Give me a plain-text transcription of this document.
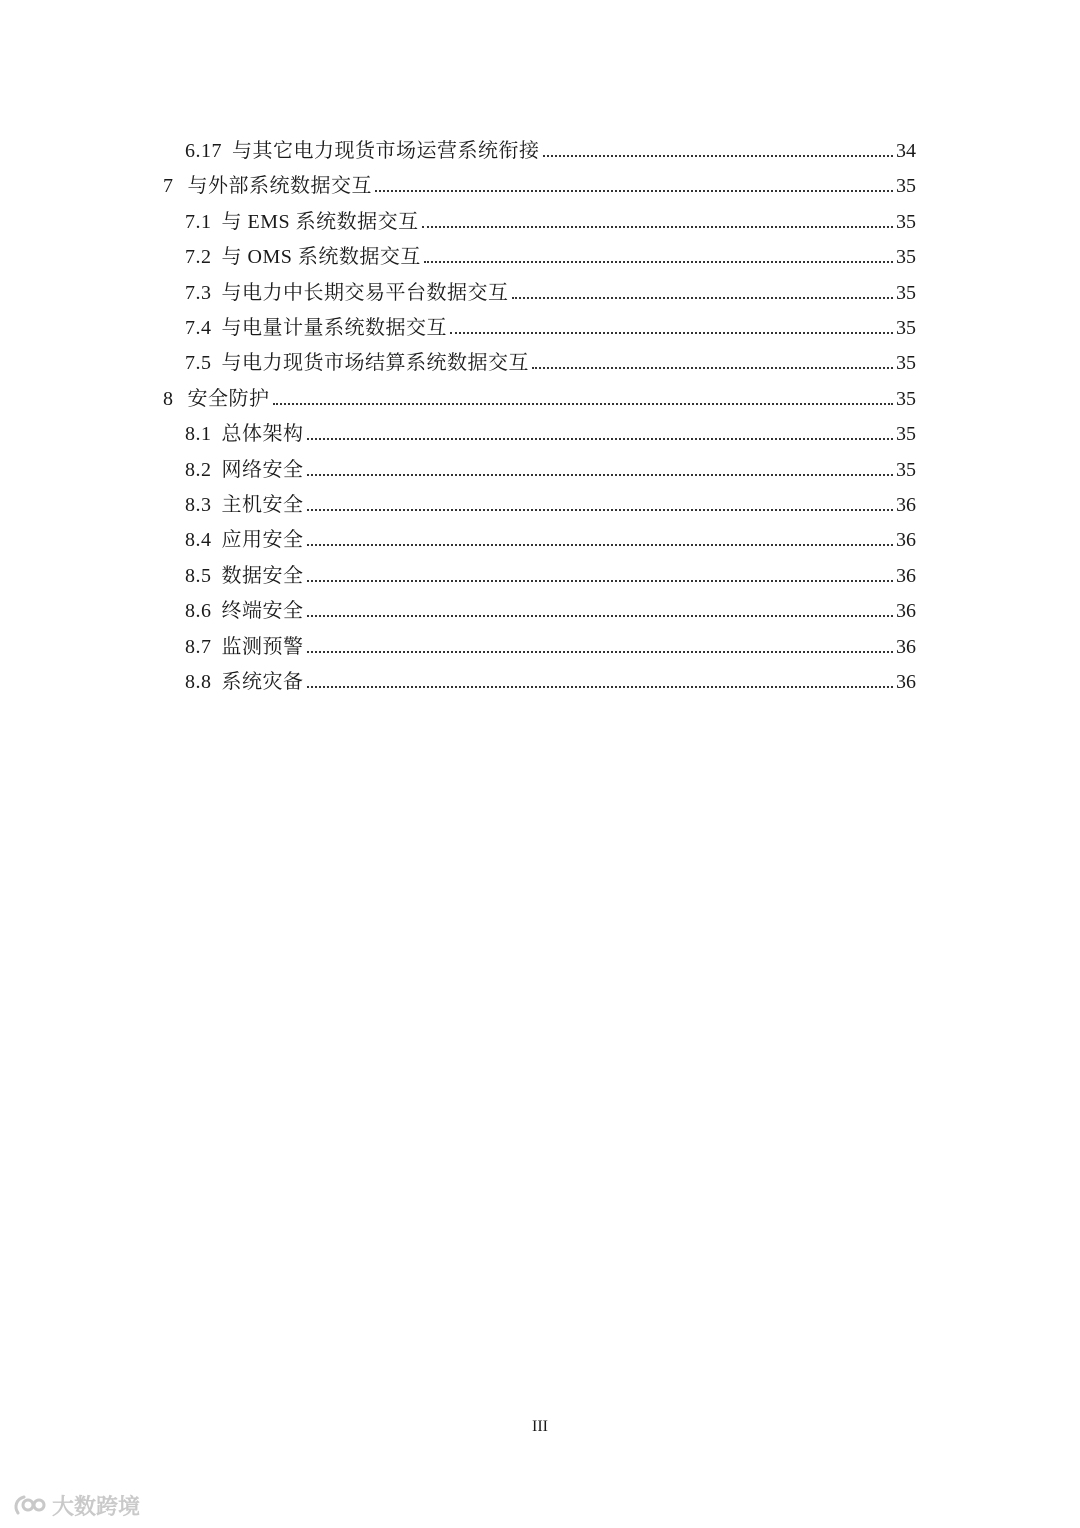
6.17 与其它电力现货市场运营系统衔接	34
7 与外部系统数据交互	35
7.1 与 EMS 系统数据交互	35
7.2 与 OMS 系统数据交互	35
7.3 与电力中长期交易平台数据交互	35
7.4 与电量计量系统数据交互	35
7.5 与电力现货市场结算系统数据交互	35
8 安全防护	35
8.1 总体架构	35
8.2 网络安全	35
8.3 主机安全	36
8.4 应用安全	36
8.5 数据安全	36
8.6 终端安全	36
8.7 监测预警	36
8.8 系统灾备	36
III
大数跨境
